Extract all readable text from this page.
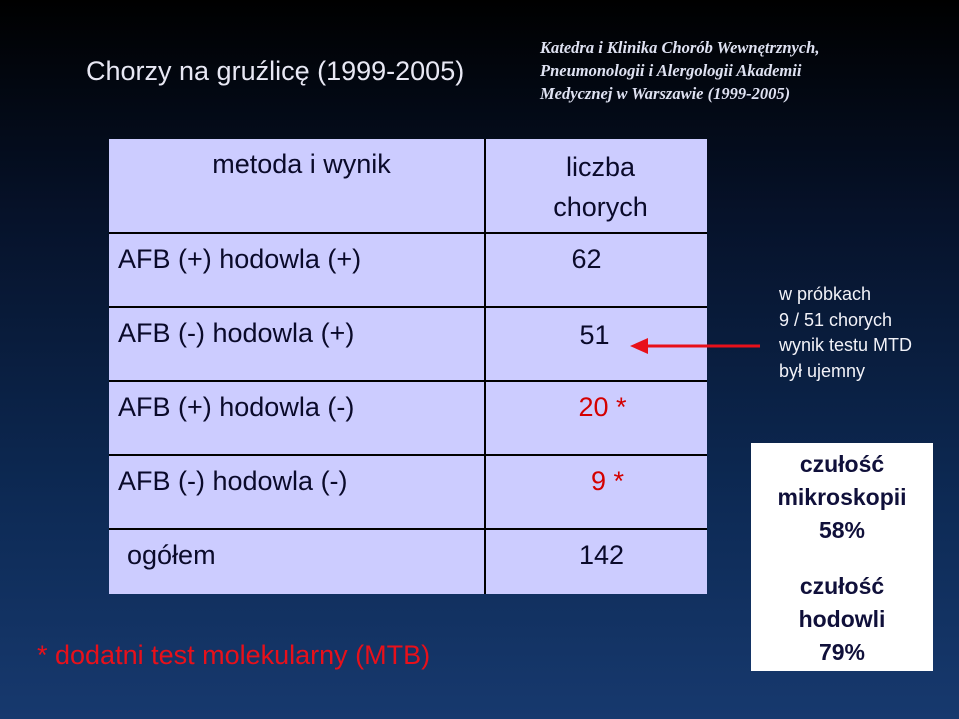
Chorzy na gruźlicę (1999-2005)
Katedra i Klinika Chorób Wewnętrznych,
Pneumonologii i Alergologii Akademii
Medycznej w Warszawie (1999-2005)
metoda i wynik	liczba
chorych

AFB (+) hodowla (+)	62

AFB (-) hodowla (+)	51

AFB (+) hodowla (-)	20 *

AFB (-) hodowla (-)	9 *

ogółem	142
w próbkach
9 / 51 chorych
wynik testu MTD
był ujemny
czułość
mikroskopii
58%
czułość
hodowli
79%
* dodatni test molekularny (MTB)
